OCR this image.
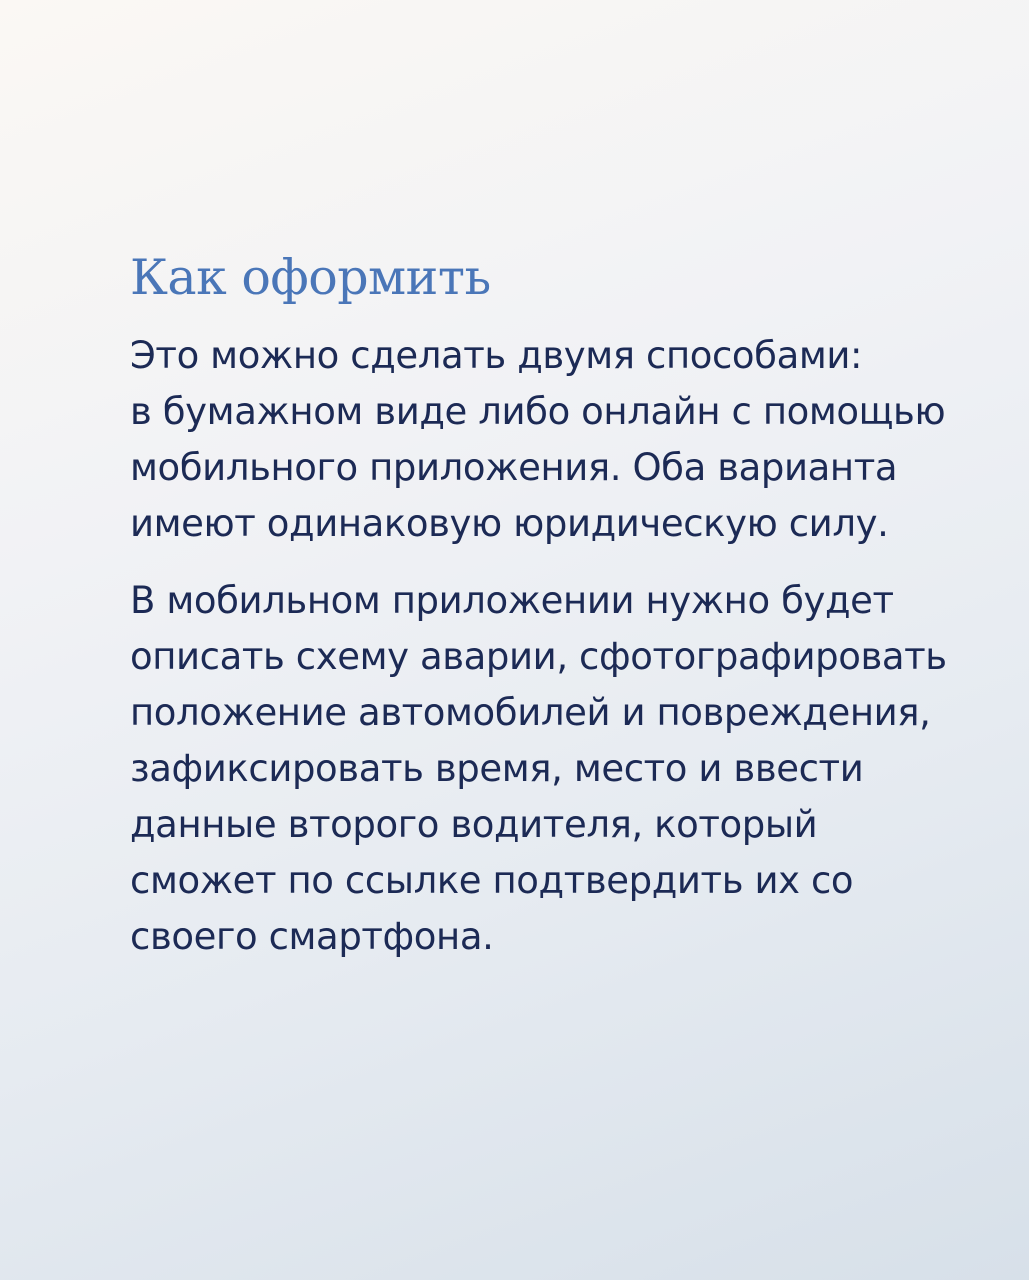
Как оформить

Это можно сделать двумя способами:
в бумажном виде либо онлайн с помощью
мобильного приложения. Оба варианта
имеют одинаковую юридическую силу.

В мобильном приложении нужно будет
описать схему аварии, сфотографировать
положение автомобилей и повреждения,
зафиксировать время, место и ввести
данные второго водителя, который
сможет по ссылке подтвердить их со
своего смартфона.
